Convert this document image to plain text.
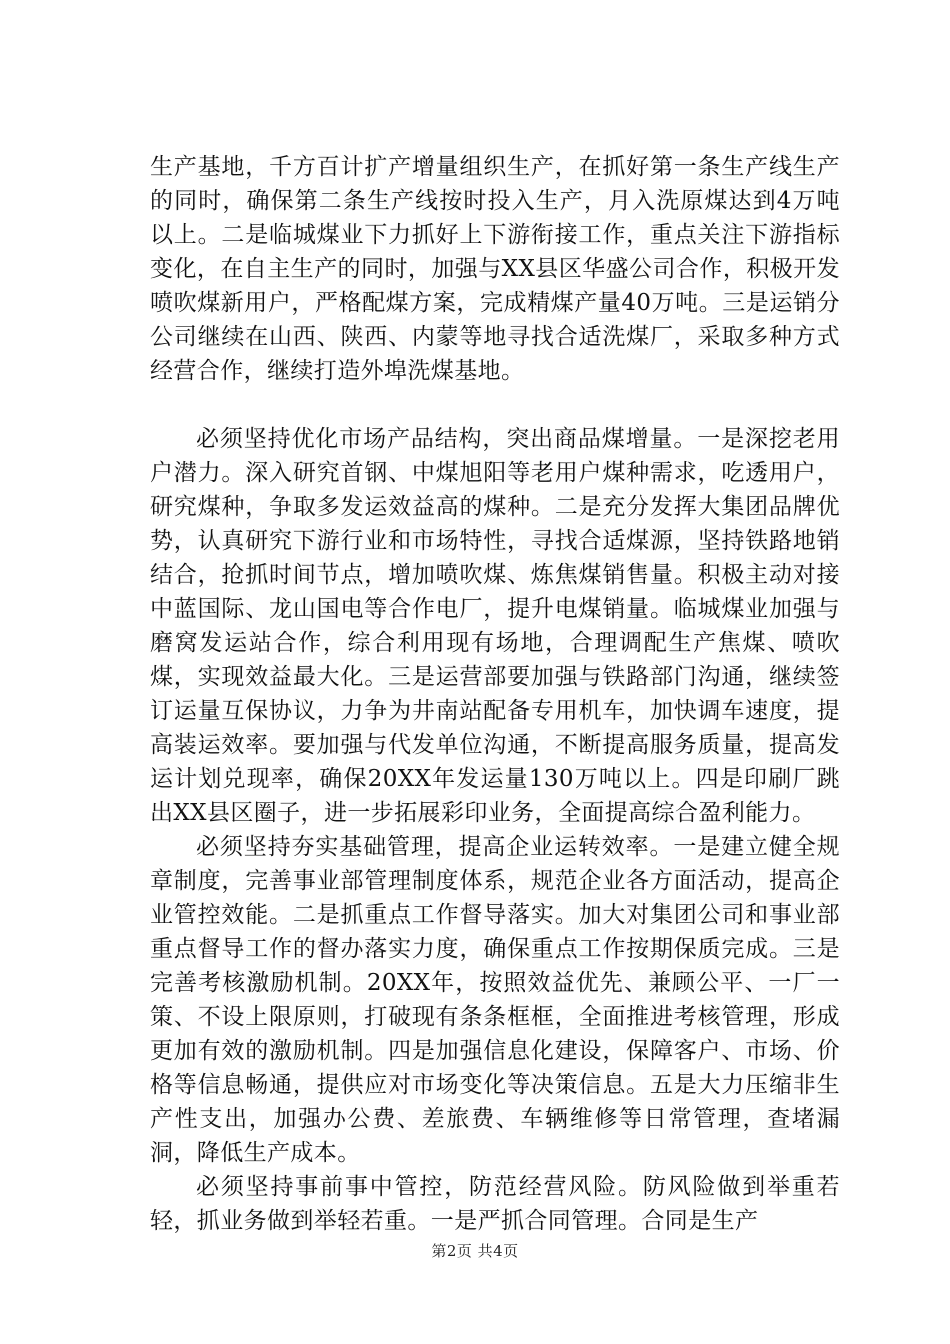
生产基地，千方百计扩产增量组织生产，在抓好第一条生产线生产的同时，确保第二条生产线按时投入生产，月入洗原煤达到4万吨以上。二是临城煤业下力抓好上下游衔接工作，重点关注下游指标变化，在自主生产的同时，加强与XX县区华盛公司合作，积极开发喷吹煤新用户，严格配煤方案，完成精煤产量40万吨。三是运销分公司继续在山西、陕西、内蒙等地寻找合适洗煤厂，采取多种方式经营合作，继续打造外埠洗煤基地。

必须坚持优化市场产品结构，突出商品煤增量。一是深挖老用户潜力。深入研究首钢、中煤旭阳等老用户煤种需求，吃透用户，研究煤种，争取多发运效益高的煤种。二是充分发挥大集团品牌优势，认真研究下游行业和市场特性，寻找合适煤源，坚持铁路地销结合，抢抓时间节点，增加喷吹煤、炼焦煤销售量。积极主动对接中蓝国际、龙山国电等合作电厂，提升电煤销量。临城煤业加强与磨窝发运站合作，综合利用现有场地，合理调配生产焦煤、喷吹煤，实现效益最大化。三是运营部要加强与铁路部门沟通，继续签订运量互保协议，力争为井南站配备专用机车，加快调车速度，提高装运效率。要加强与代发单位沟通，不断提高服务质量，提高发运计划兑现率，确保20XX年发运量130万吨以上。四是印刷厂跳出XX县区圈子，进一步拓展彩印业务，全面提高综合盈利能力。

必须坚持夯实基础管理，提高企业运转效率。一是建立健全规章制度，完善事业部管理制度体系，规范企业各方面活动，提高企业管控效能。二是抓重点工作督导落实。加大对集团公司和事业部重点督导工作的督办落实力度，确保重点工作按期保质完成。三是完善考核激励机制。20XX年，按照效益优先、兼顾公平、一厂一策、不设上限原则，打破现有条条框框，全面推进考核管理，形成更加有效的激励机制。四是加强信息化建设，保障客户、市场、价格等信息畅通，提供应对市场变化等决策信息。五是大力压缩非生产性支出，加强办公费、差旅费、车辆维修等日常管理，查堵漏洞，降低生产成本。

必须坚持事前事中管控，防范经营风险。防风险做到举重若轻，抓业务做到举轻若重。一是严抓合同管理。合同是生产

第2页 共4页
